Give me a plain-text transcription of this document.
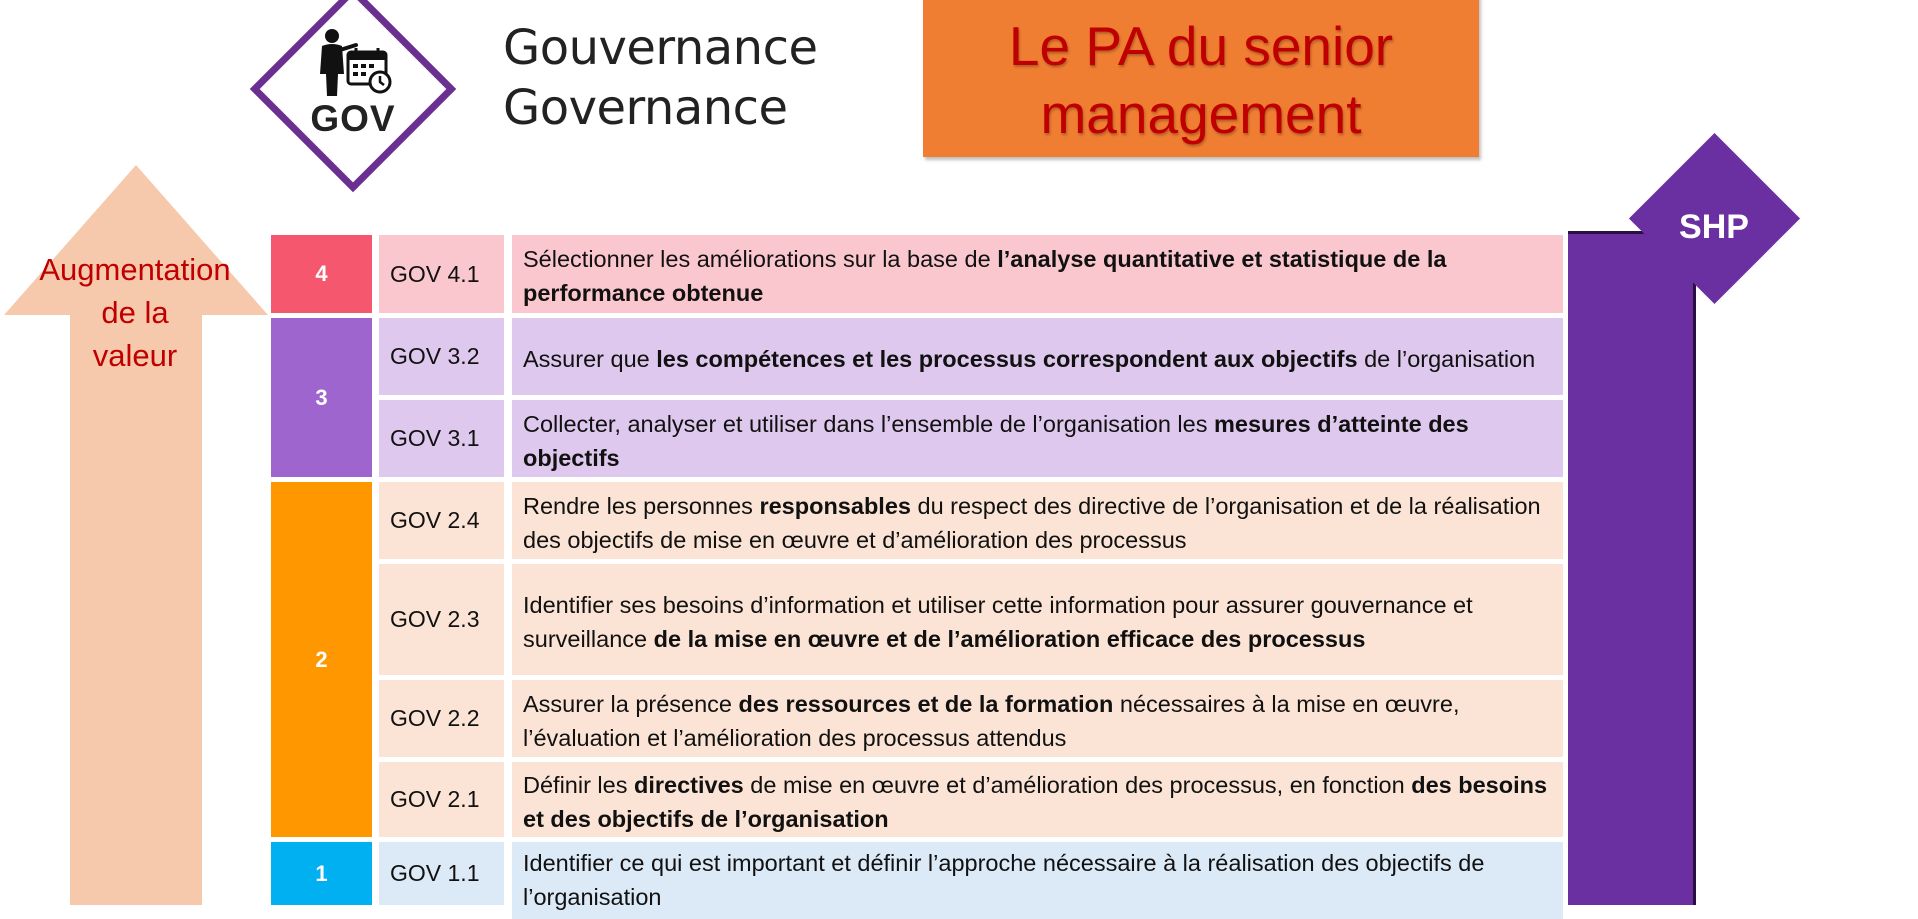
Augmentation
de la
valeur
GOV
Gouvernance
Governance
Le PA du senior
management
SHP
4
3
2
1
GOV 4.1
Sélectionner les améliorations sur la base de l’analyse quantitative et statistique de la performance obtenue
GOV 3.2	Assurer que les compétences et les processus correspondent aux objectifs de l’organisation
GOV 3.1
Collecter, analyser et utiliser dans l’ensemble de l’organisation les mesures d’atteinte des objectifs
GOV 2.4
Rendre les personnes responsables du respect des directive de l’organisation et de la réalisation des objectifs de mise en œuvre et d’amélioration des processus
GOV 2.3
Identifier ses besoins d’information et utiliser cette information pour assurer gouvernance et surveillance de la mise en œuvre et de l’amélioration efficace des processus
GOV 2.2
Assurer la présence des ressources et de la formation nécessaires à la mise en œuvre, l’évaluation et l’amélioration des processus attendus
GOV 2.1
Définir les directives de mise en œuvre et d’amélioration des processus, en fonction des besoins et des objectifs de l’organisation
GOV 1.1	Identifier ce qui est important et définir l’approche nécessaire à la réalisation des objectifs de l’organisation
